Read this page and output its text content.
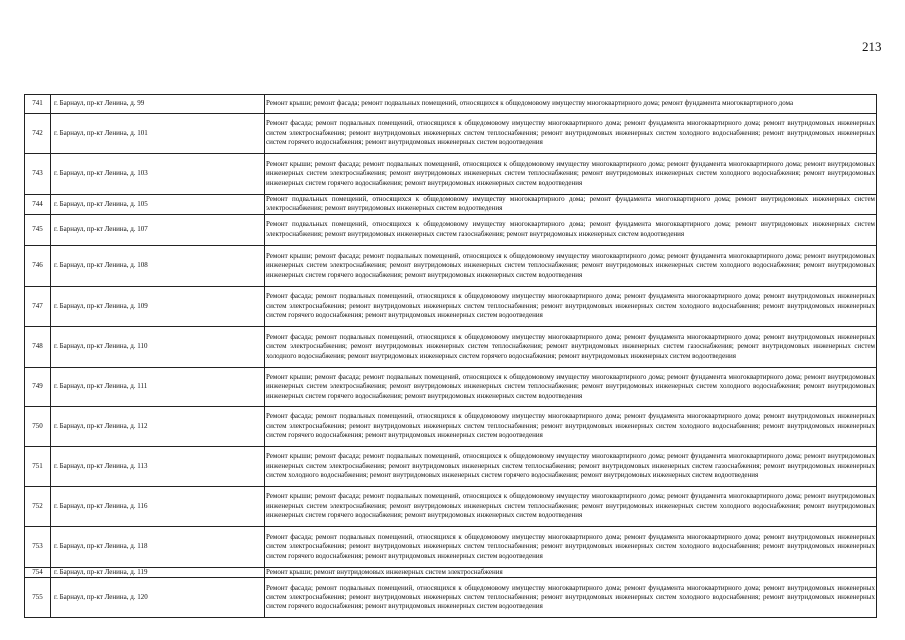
213
741	г. Барнаул, пр-кт Ленина, д. 99	Ремонт крыши; ремонт фасада; ремонт подвальных помещений, относящихся к общедомовому имуществу многоквартирного дома; ремонт фундамента многоквартирного дома
742	г. Барнаул, пр-кт Ленина, д. 101	Ремонт фасада; ремонт подвальных помещений, относящихся к общедомовому имуществу многоквартирного дома; ремонт фундамента многоквартирного дома; ремонт внутридомовых инженерных систем электроснабжения; ремонт внутридомовых инженерных систем теплоснабжения; ремонт внутридомовых инженерных систем холодного водоснабжения; ремонт внутридомовых инженерных систем горячего водоснабжения; ремонт внутридомовых инженерных систем водоотведения
743	г. Барнаул, пр-кт Ленина, д. 103	Ремонт крыши; ремонт фасада; ремонт подвальных помещений, относящихся к общедомовому имуществу многоквартирного дома; ремонт фундамента многоквартирного дома; ремонт внутридомовых инженерных систем электроснабжения; ремонт внутридомовых инженерных систем теплоснабжения; ремонт внутридомовых инженерных систем холодного водоснабжения; ремонт внутридомовых инженерных систем горячего водоснабжения; ремонт внутридомовых инженерных систем водоотведения
744	г. Барнаул, пр-кт Ленина, д. 105	Ремонт подвальных помещений, относящихся к общедомовому имуществу многоквартирного дома; ремонт фундамента многоквартирного дома; ремонт внутридомовых инженерных систем электроснабжения; ремонт внутридомовых инженерных систем водоотведения
745	г. Барнаул, пр-кт Ленина, д. 107	Ремонт подвальных помещений, относящихся к общедомовому имуществу многоквартирного дома; ремонт фундамента многоквартирного дома; ремонт внутридомовых инженерных систем электроснабжения; ремонт внутридомовых инженерных систем газоснабжения; ремонт внутридомовых инженерных систем водоотведения
746	г. Барнаул, пр-кт Ленина, д. 108	Ремонт крыши; ремонт фасада; ремонт подвальных помещений, относящихся к общедомовому имуществу многоквартирного дома; ремонт фундамента многоквартирного дома; ремонт внутридомовых инженерных систем электроснабжения; ремонт внутридомовых инженерных систем теплоснабжения; ремонт внутридомовых инженерных систем холодного водоснабжения; ремонт внутридомовых инженерных систем горячего водоснабжения; ремонт внутридомовых инженерных систем водоотведения
747	г. Барнаул, пр-кт Ленина, д. 109	Ремонт фасада; ремонт подвальных помещений, относящихся к общедомовому имуществу многоквартирного дома; ремонт фундамента многоквартирного дома; ремонт внутридомовых инженерных систем электроснабжения; ремонт внутридомовых инженерных систем теплоснабжения; ремонт внутридомовых инженерных систем холодного водоснабжения; ремонт внутридомовых инженерных систем горячего водоснабжения; ремонт внутридомовых инженерных систем водоотведения
748	г. Барнаул, пр-кт Ленина, д. 110	Ремонт фасада; ремонт подвальных помещений, относящихся к общедомовому имуществу многоквартирного дома; ремонт фундамента многоквартирного дома; ремонт внутридомовых инженерных систем электроснабжения; ремонт внутридомовых инженерных систем теплоснабжения; ремонт внутридомовых инженерных систем газоснабжения; ремонт внутридомовых инженерных систем холодного водоснабжения; ремонт внутридомовых инженерных систем горячего водоснабжения; ремонт внутридомовых инженерных систем водоотведения
749	г. Барнаул, пр-кт Ленина, д. 111	Ремонт крыши; ремонт фасада; ремонт подвальных помещений, относящихся к общедомовому имуществу многоквартирного дома; ремонт фундамента многоквартирного дома; ремонт внутридомовых инженерных систем электроснабжения; ремонт внутридомовых инженерных систем теплоснабжения; ремонт внутридомовых инженерных систем холодного водоснабжения; ремонт внутридомовых инженерных систем горячего водоснабжения; ремонт внутридомовых инженерных систем водоотведения
750	г. Барнаул, пр-кт Ленина, д. 112	Ремонт фасада; ремонт подвальных помещений, относящихся к общедомовому имуществу многоквартирного дома; ремонт фундамента многоквартирного дома; ремонт внутридомовых инженерных систем электроснабжения; ремонт внутридомовых инженерных систем теплоснабжения; ремонт внутридомовых инженерных систем холодного водоснабжения; ремонт внутридомовых инженерных систем горячего водоснабжения; ремонт внутридомовых инженерных систем водоотведения
751	г. Барнаул, пр-кт Ленина, д. 113	Ремонт крыши; ремонт фасада; ремонт подвальных помещений, относящихся к общедомовому имуществу многоквартирного дома; ремонт фундамента многоквартирного дома; ремонт внутридомовых инженерных систем электроснабжения; ремонт внутридомовых инженерных систем теплоснабжения; ремонт внутридомовых инженерных систем газоснабжения; ремонт внутридомовых инженерных систем холодного водоснабжения; ремонт внутридомовых инженерных систем горячего водоснабжения; ремонт внутридомовых инженерных систем водоотведения
752	г. Барнаул, пр-кт Ленина, д. 116	Ремонт крыши; ремонт фасада; ремонт подвальных помещений, относящихся к общедомовому имуществу многоквартирного дома; ремонт фундамента многоквартирного дома; ремонт внутридомовых инженерных систем электроснабжения; ремонт внутридомовых инженерных систем теплоснабжения; ремонт внутридомовых инженерных систем холодного водоснабжения; ремонт внутридомовых инженерных систем горячего водоснабжения; ремонт внутридомовых инженерных систем водоотведения
753	г. Барнаул, пр-кт Ленина, д. 118	Ремонт фасада; ремонт подвальных помещений, относящихся к общедомовому имуществу многоквартирного дома; ремонт фундамента многоквартирного дома; ремонт внутридомовых инженерных систем электроснабжения; ремонт внутридомовых инженерных систем теплоснабжения; ремонт внутридомовых инженерных систем холодного водоснабжения; ремонт внутридомовых инженерных систем горячего водоснабжения; ремонт внутридомовых инженерных систем водоотведения
754	г. Барнаул, пр-кт Ленина, д. 119	Ремонт крыши; ремонт внутридомовых инженерных систем электроснабжения
755	г. Барнаул, пр-кт Ленина, д. 120	Ремонт фасада; ремонт подвальных помещений, относящихся к общедомовому имуществу многоквартирного дома; ремонт фундамента многоквартирного дома; ремонт внутридомовых инженерных систем электроснабжения; ремонт внутридомовых инженерных систем теплоснабжения; ремонт внутридомовых инженерных систем холодного водоснабжения; ремонт внутридомовых инженерных систем горячего водоснабжения; ремонт внутридомовых инженерных систем водоотведения
